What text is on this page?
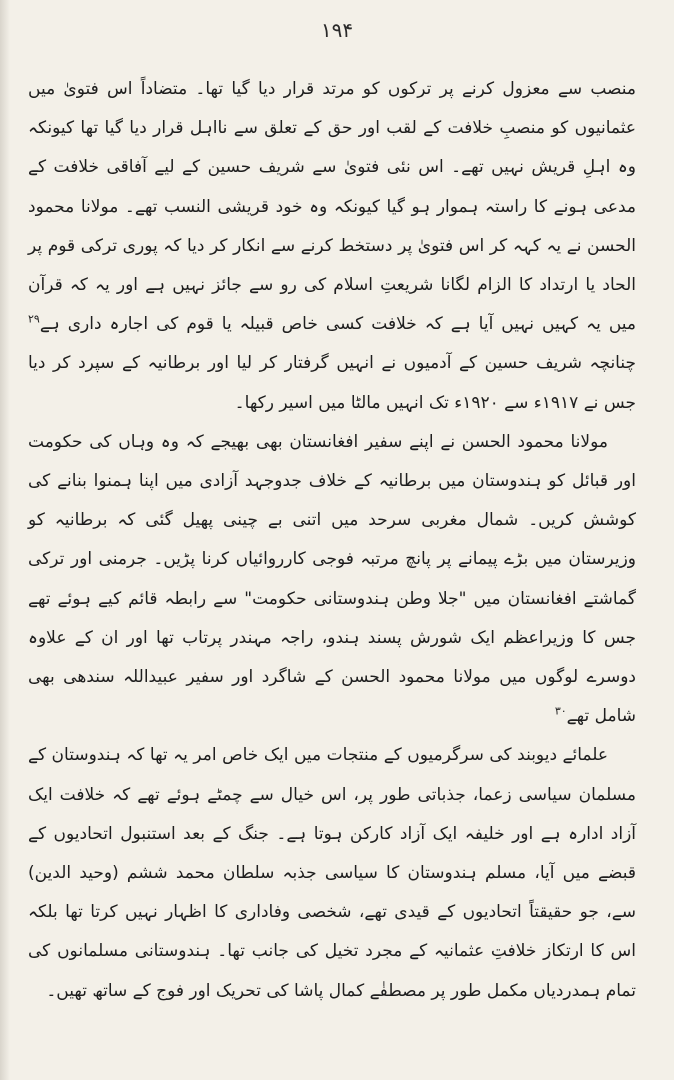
۱۹۴

منصب سے معزول کرنے پر ترکوں کو مرتد قرار دیا گیا تھا۔ متضاداً اس فتویٰ میں عثمانیوں کو منصبِ خلافت کے لقب اور حق کے تعلق سے نااہل قرار دیا گیا تھا کیونکہ وہ اہلِ قریش نہیں تھے۔ اس نئی فتویٰ سے شریف حسین کے لیے آفاقی خلافت کے مدعی ہونے کا راستہ ہموار ہو گیا کیونکہ وہ خود قریشی النسب تھے۔ مولانا محمود الحسن نے یہ کہہ کر اس فتویٰ پر دستخط کرنے سے انکار کر دیا کہ پوری ترکی قوم پر الحاد یا ارتداد کا الزام لگانا شریعتِ اسلام کی رو سے جائز نہیں ہے اور یہ کہ قرآن میں یہ کہیں نہیں آیا ہے کہ خلافت کسی خاص قبیلہ یا قوم کی اجارہ داری ہے$^{۲۹}$ چنانچہ شریف حسین کے آدمیوں نے انہیں گرفتار کر لیا اور برطانیہ کے سپرد کر دیا جس نے ۱۹۱۷ء سے ۱۹۲۰ء تک انہیں مالٹا میں اسیر رکھا۔

مولانا محمود الحسن نے اپنے سفیر افغانستان بھی بھیجے کہ وہ وہاں کی حکومت اور قبائل کو ہندوستان میں برطانیہ کے خلاف جدوجہد آزادی میں اپنا ہمنوا بنانے کی کوشش کریں۔ شمال مغربی سرحد میں اتنی بے چینی پھیل گئی کہ برطانیہ کو وزیرستان میں بڑے پیمانے پر پانچ مرتبہ فوجی کارروائیاں کرنا پڑیں۔ جرمنی اور ترکی گماشتے افغانستان میں "جلا وطن ہندوستانی حکومت" سے رابطہ قائم کیے ہوئے تھے جس کا وزیراعظم ایک شورش پسند ہندو، راجہ مہندر پرتاب تھا اور ان کے علاوہ دوسرے لوگوں میں مولانا محمود الحسن کے شاگرد اور سفیر عبیداللہ سندھی بھی شامل تھے$^{۳۰}$

علمائے دیوبند کی سرگرمیوں کے منتجات میں ایک خاص امر یہ تھا کہ ہندوستان کے مسلمان سیاسی زعما، جذباتی طور پر، اس خیال سے چمٹے ہوئے تھے کہ خلافت ایک آزاد ادارہ ہے اور خلیفہ ایک آزاد کارکن ہوتا ہے۔ جنگ کے بعد استنبول اتحادیوں کے قبضے میں آیا، مسلم ہندوستان کا سیاسی جذبہ سلطان محمد ششم (وحید الدین) سے، جو حقیقتاً اتحادیوں کے قیدی تھے، شخصی وفاداری کا اظہار نہیں کرتا تھا بلکہ اس کا ارتکاز خلافتِ عثمانیہ کے مجرد تخیل کی جانب تھا۔ ہندوستانی مسلمانوں کی تمام ہمدردیاں مکمل طور پر مصطفٰے کمال پاشا کی تحریک اور فوج کے ساتھ تھیں۔
